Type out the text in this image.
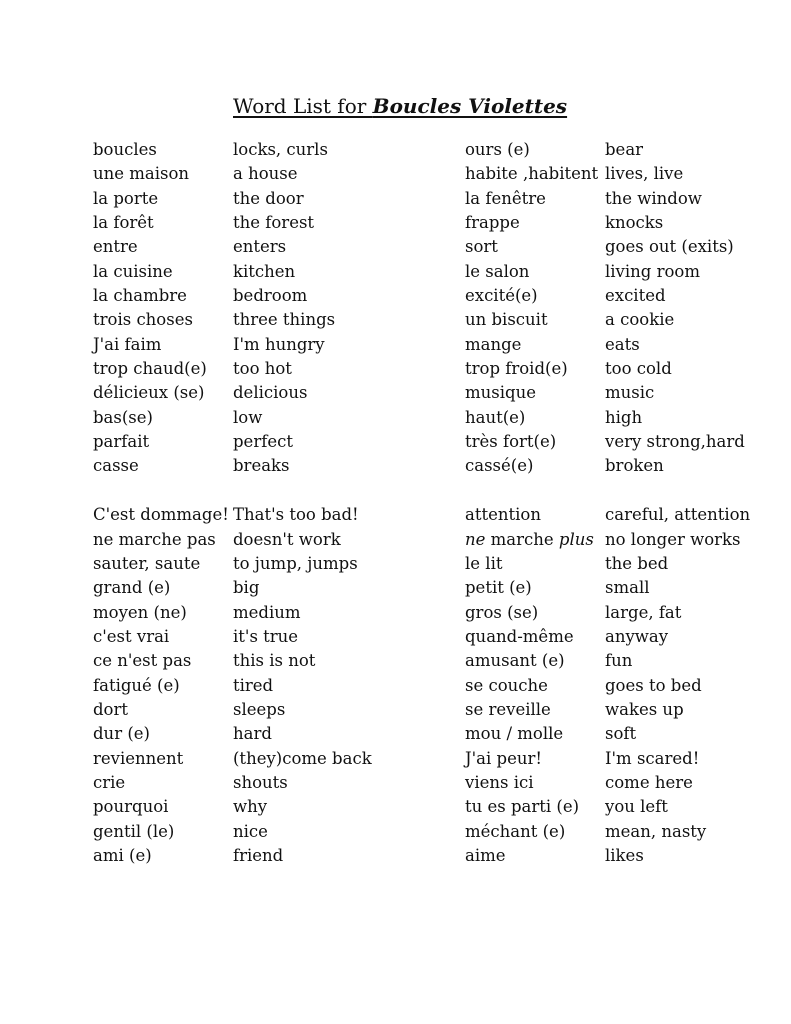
Word List for Boucles Violettes
boucles
une maison
la porte
la forêt
entre
la cuisine
la chambre
trois choses
J'ai faim
trop chaud(e)
délicieux (se)
bas(se)
parfait
casse
C'est dommage!
ne marche pas
sauter, saute
grand (e)
moyen (ne)
c'est vrai
ce n'est pas
fatigué (e)
dort
dur (e)
reviennent
crie
pourquoi
gentil (le)
ami (e)
locks, curls
a house
the door
the forest
enters
kitchen
bedroom
three things
I'm hungry
too hot
delicious
low
perfect
breaks
That's too bad!
doesn't work
to jump, jumps
big
medium
it's true
this is not
tired
sleeps
hard
(they)come back
shouts
why
nice
friend
ours (e)
habite ,habitent
la fenêtre
frappe
sort
le salon
excité(e)
un biscuit
mange
trop froid(e)
musique
haut(e)
très fort(e)
cassé(e)
attention
ne marche plus
le lit
petit (e)
gros (se)
quand-même
amusant (e)
se couche
se reveille
mou / molle
J'ai peur!
viens ici
tu es parti (e)
méchant (e)
aime
bear
lives, live
the window
knocks
goes out (exits)
living room
excited
a cookie
eats
too cold
music
high
very strong,hard
broken
careful, attention
no longer works
the bed
small
large, fat
anyway
fun
goes to bed
wakes up
soft
I'm scared!
come here
you left
mean, nasty
likes
